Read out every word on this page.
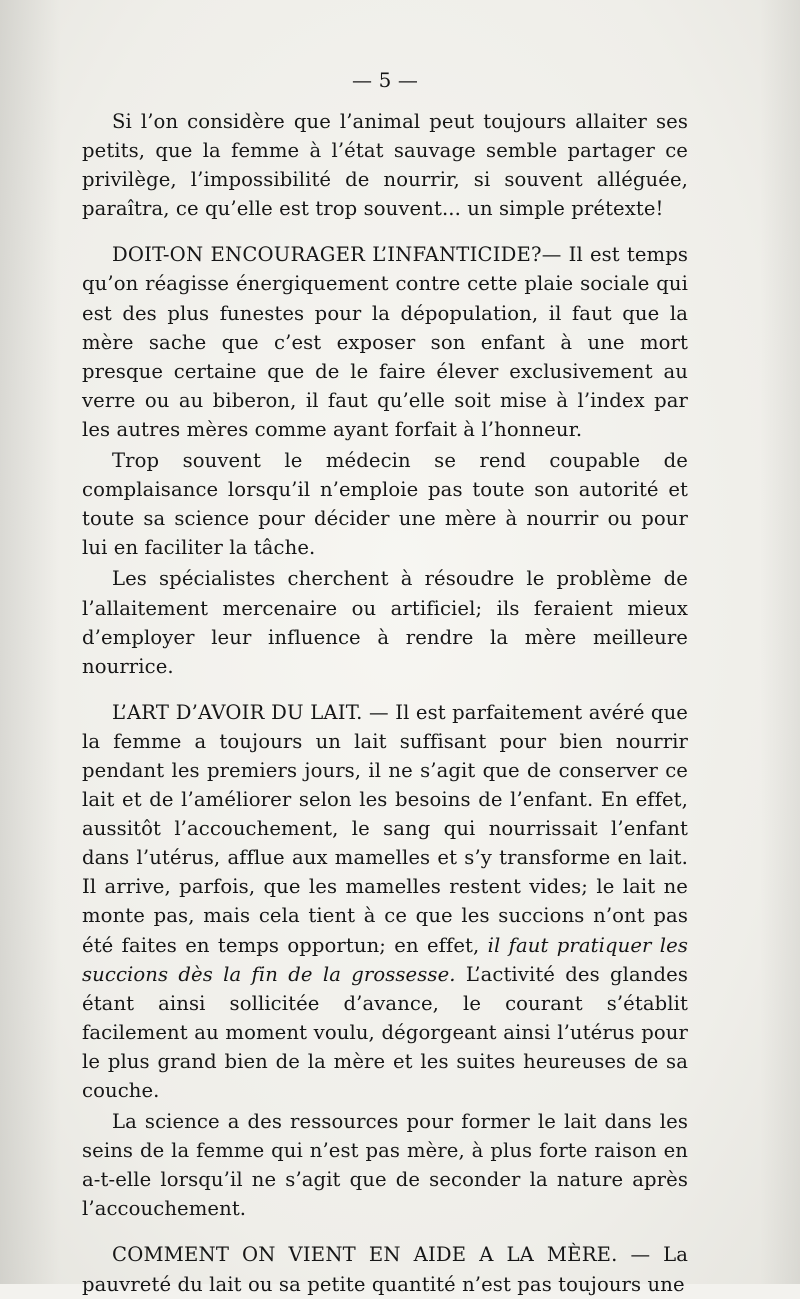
— 5 —

Si l’on considère que l’animal peut toujours allaiter ses petits, que la femme à l’état sauvage semble partager ce privilège, l’impossibilité de nourrir, si souvent alléguée, paraîtra, ce qu’elle est trop souvent... un simple prétexte!

DOIT-ON ENCOURAGER L’INFANTICIDE?— Il est temps qu’on réagisse énergiquement contre cette plaie sociale qui est des plus funestes pour la dépopulation, il faut que la mère sache que c’est exposer son enfant à une mort presque certaine que de le faire élever exclusivement au verre ou au biberon, il faut qu’elle soit mise à l’index par les autres mères comme ayant forfait à l’honneur.

Trop souvent le médecin se rend coupable de complaisance lorsqu’il n’emploie pas toute son autorité et toute sa science pour décider une mère à nourrir ou pour lui en faciliter la tâche.

Les spécialistes cherchent à résoudre le problème de l’allaitement mercenaire ou artificiel; ils feraient mieux d’employer leur influence à rendre la mère meilleure nourrice.

L’ART D’AVOIR DU LAIT. — Il est parfaitement avéré que la femme a toujours un lait suffisant pour bien nourrir pendant les premiers jours, il ne s’agit que de conserver ce lait et de l’améliorer selon les besoins de l’enfant. En effet, aussitôt l’accouchement, le sang qui nourrissait l’enfant dans l’utérus, afflue aux mamelles et s’y transforme en lait. Il arrive, parfois, que les mamelles restent vides; le lait ne monte pas, mais cela tient à ce que les succions n’ont pas été faites en temps opportun; en effet, il faut pratiquer les succions dès la fin de la grossesse. L’activité des glandes étant ainsi sollicitée d’avance, le courant s’établit facilement au moment voulu, dégorgeant ainsi l’utérus pour le plus grand bien de la mère et les suites heureuses de sa couche.

La science a des ressources pour former le lait dans les seins de la femme qui n’est pas mère, à plus forte raison en a-t-elle lorsqu’il ne s’agit que de seconder la nature après l’accouchement.

COMMENT ON VIENT EN AIDE A LA MÈRE. — La pauvreté du lait ou sa petite quantité n’est pas toujours une
